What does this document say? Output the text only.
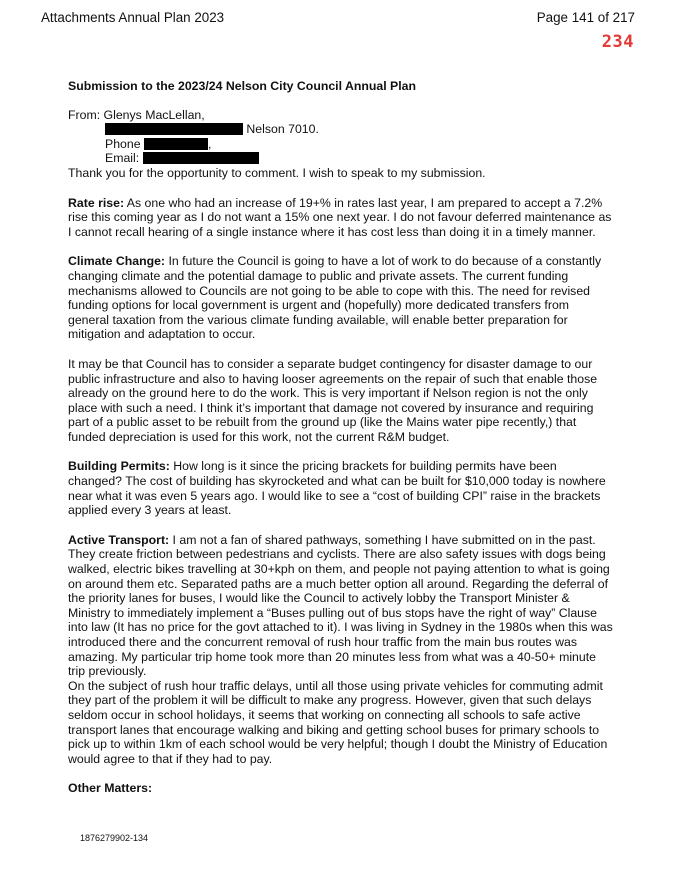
Attachments Annual Plan 2023	Page 141 of 217
234
Submission to the 2023/24 Nelson City Council Annual Plan
From: Glenys MacLellan,
Nelson 7010.
Phone	,
Email:
Thank you for the opportunity to comment. I wish to speak to my submission.
Rate rise: As one who had an increase of 19+% in rates last year, I am prepared to accept a 7.2% rise this coming year as I do not want a 15% one next year. I do not favour deferred maintenance as I cannot recall hearing of a single instance where it has cost less than doing it in a timely manner.
Climate Change: In future the Council is going to have a lot of work to do because of a constantly changing climate and the potential damage to public and private assets. The current funding mechanisms allowed to Councils are not going to be able to cope with this. The need for revised funding options for local government is urgent and (hopefully) more dedicated transfers from general taxation from the various climate funding available, will enable better preparation for mitigation and adaptation to occur.
It may be that Council has to consider a separate budget contingency for disaster damage to our public infrastructure and also to having looser agreements on the repair of such that enable those already on the ground here to do the work. This is very important if Nelson region is not the only place with such a need. I think it’s important that damage not covered by insurance and requiring part of a public asset to be rebuilt from the ground up (like the Mains water pipe recently,) that funded depreciation is used for this work, not the current R&M budget.
Building Permits: How long is it since the pricing brackets for building permits have been changed? The cost of building has skyrocketed and what can be built for $10,000 today is nowhere near what it was even 5 years ago. I would like to see a “cost of building CPI” raise in the brackets applied every 3 years at least.
Active Transport: I am not a fan of shared pathways, something I have submitted on in the past. They create friction between pedestrians and cyclists. There are also safety issues with dogs being walked, electric bikes travelling at 30+kph on them, and people not paying attention to what is going on around them etc. Separated paths are a much better option all around. Regarding the deferral of the priority lanes for buses, I would like the Council to actively lobby the Transport Minister & Ministry to immediately implement a “Buses pulling out of bus stops have the right of way” Clause into law (It has no price for the govt attached to it). I was living in Sydney in the 1980s when this was introduced there and the concurrent removal of rush hour traffic from the main bus routes was amazing. My particular trip home took more than 20 minutes less from what was a 40-50+ minute trip previously.
On the subject of rush hour traffic delays, until all those using private vehicles for commuting admit they part of the problem it will be difficult to make any progress. However, given that such delays seldom occur in school holidays, it seems that working on connecting all schools to safe active transport lanes that encourage walking and biking and getting school buses for primary schools to pick up to within 1km of each school would be very helpful; though I doubt the Ministry of Education would agree to that if they had to pay.
Other Matters:
1876279902-134
